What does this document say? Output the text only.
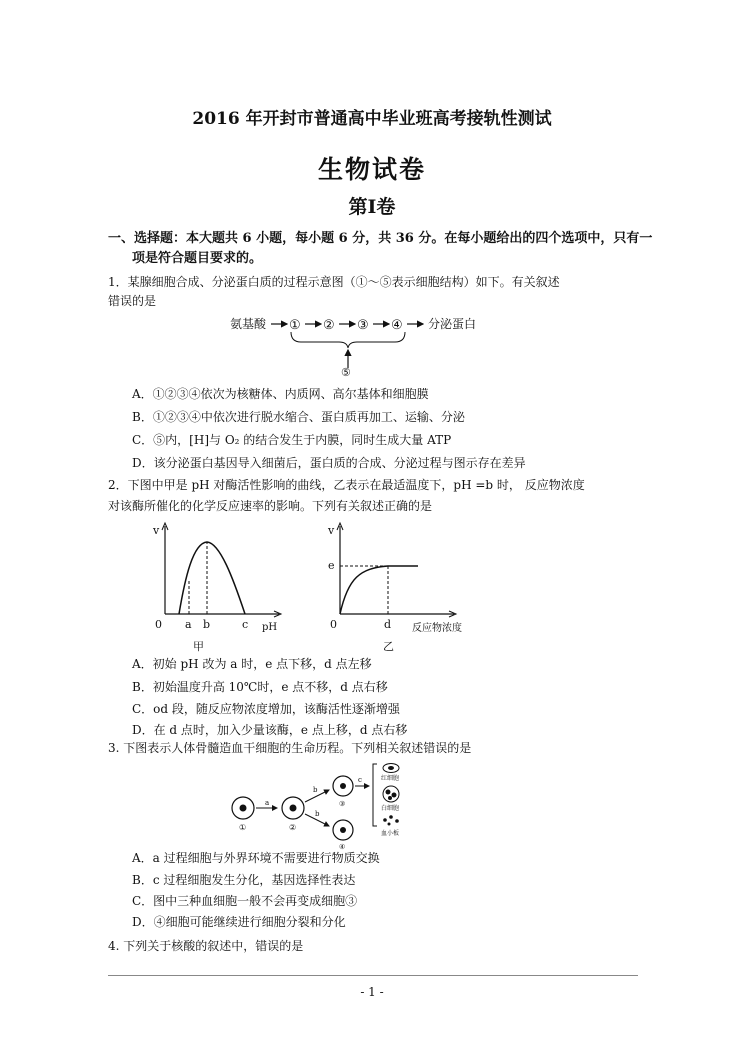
2016 年开封市普通高中毕业班高考接轨性测试
生物试卷
第Ⅰ卷
一、选择题：本大题共 6 小题，每小题 6 分，共 36 分。在每小题给出的四个选项中，只有一
项是符合题目要求的。
1．某腺细胞合成、分泌蛋白质的过程示意图（①～⑤表示细胞结构）如下。有关叙述
错误的是
氨基酸 ① ② ③ ④ 分泌蛋白
⑤
A．①②③④依次为核糖体、内质网、高尔基体和细胞膜
B．①②③④中依次进行脱水缩合、蛋白质再加工、运输、分泌
C．⑤内，[H]与 O₂ 的结合发生于内膜，同时生成大量 ATP
D．该分泌蛋白基因导入细菌后，蛋白质的合成、分泌过程与图示存在差异
2．下图中甲是 pH 对酶活性影响的曲线，乙表示在最适温度下，pH =b 时， 反应物浓度
对该酶所催化的化学反应速率的影响。下列有关叙述正确的是
v
0 a b	c pH
甲
v
e
0	d 反应物浓度
乙
A．初始 pH 改为 a 时，e 点下移，d 点左移
B．初始温度升高 10℃时，e 点不移，d 点右移
C．od 段，随反应物浓度增加，该酶活性逐渐增强
D．在 d 点时，加入少量该酶，e 点上移，d 点右移
3. 下图表示人体骨髓造血干细胞的生命历程。下列相关叙述错误的是
①
a
②
b
b
③
④
c	红细胞
白细胞
血小板
A．a 过程细胞与外界环境不需要进行物质交换
B．c 过程细胞发生分化，基因选择性表达
C．图中三种血细胞一般不会再变成细胞③
D．④细胞可能继续进行细胞分裂和分化
4. 下列关于核酸的叙述中，错误的是
- 1 -
